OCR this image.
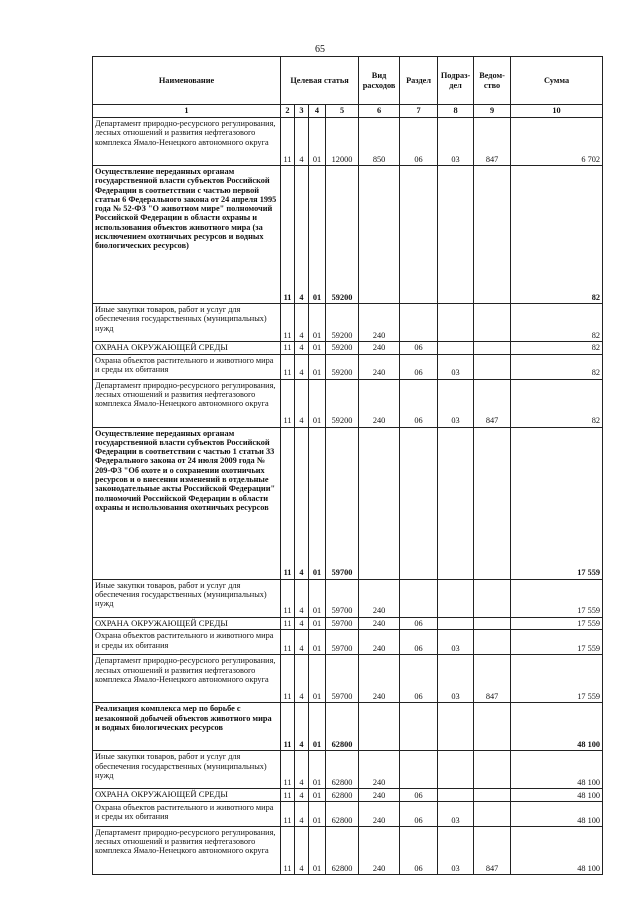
65
Наименование	Целевая статья				Вид расходов	Раздел	Подраз-дел	Ведом-ство	Сумма
1	2	3	4	5	6	7	8	9	10
Департамент природно-ресурсного регулирования, лесных отношений и развития нефтегазового комплекса Ямало-Ненецкого автономного округа	11	4	01	12000	850	06	03	847	6 702
Осуществление переданных органам государственной власти субъектов Российской Федерации в соответствии с частью первой статьи 6 Федерального закона от 24 апреля 1995 года № 52-ФЗ "О животном мире" полномочий Российской Федерации в области охраны и использования объектов животного мира (за исключением охотничьих ресурсов и водных биологических ресурсов)	11	4	01	59200					82
Иные закупки товаров, работ и услуг для обеспечения государственных (муниципальных) нужд	11	4	01	59200	240				82
ОХРАНА ОКРУЖАЮЩЕЙ СРЕДЫ	11	4	01	59200	240	06			82
Охрана объектов растительного и животного мира и среды их обитания	11	4	01	59200	240	06	03		82
Департамент природно-ресурсного регулирования, лесных отношений и развития нефтегазового комплекса Ямало-Ненецкого автономного округа	11	4	01	59200	240	06	03	847	82
Осуществление переданных органам государственной власти субъектов Российской Федерации в соответствии с частью 1 статьи 33 Федерального закона от 24 июля 2009 года № 209-ФЗ "Об охоте и о сохранении охотничьих ресурсов и о внесении изменений в отдельные законодательные акты Российской Федерации" полномочий Российской Федерации в области охраны и использования охотничьих ресурсов	11	4	01	59700					17 559
Иные закупки товаров, работ и услуг для обеспечения государственных (муниципальных) нужд	11	4	01	59700	240				17 559
ОХРАНА ОКРУЖАЮЩЕЙ СРЕДЫ	11	4	01	59700	240	06			17 559
Охрана объектов растительного и животного мира и среды их обитания	11	4	01	59700	240	06	03		17 559
Департамент природно-ресурсного регулирования, лесных отношений и развития нефтегазового комплекса Ямало-Ненецкого автономного округа	11	4	01	59700	240	06	03	847	17 559
Реализация комплекса мер по борьбе с незаконной добычей объектов животного мира и водных биологических ресурсов	11	4	01	62800					48 100
Иные закупки товаров, работ и услуг для обеспечения государственных (муниципальных) нужд	11	4	01	62800	240				48 100
ОХРАНА ОКРУЖАЮЩЕЙ СРЕДЫ	11	4	01	62800	240	06			48 100
Охрана объектов растительного и животного мира и среды их обитания	11	4	01	62800	240	06	03		48 100
Департамент природно-ресурсного регулирования, лесных отношений и развития нефтегазового комплекса Ямало-Ненецкого автономного округа	11	4	01	62800	240	06	03	847	48 100
